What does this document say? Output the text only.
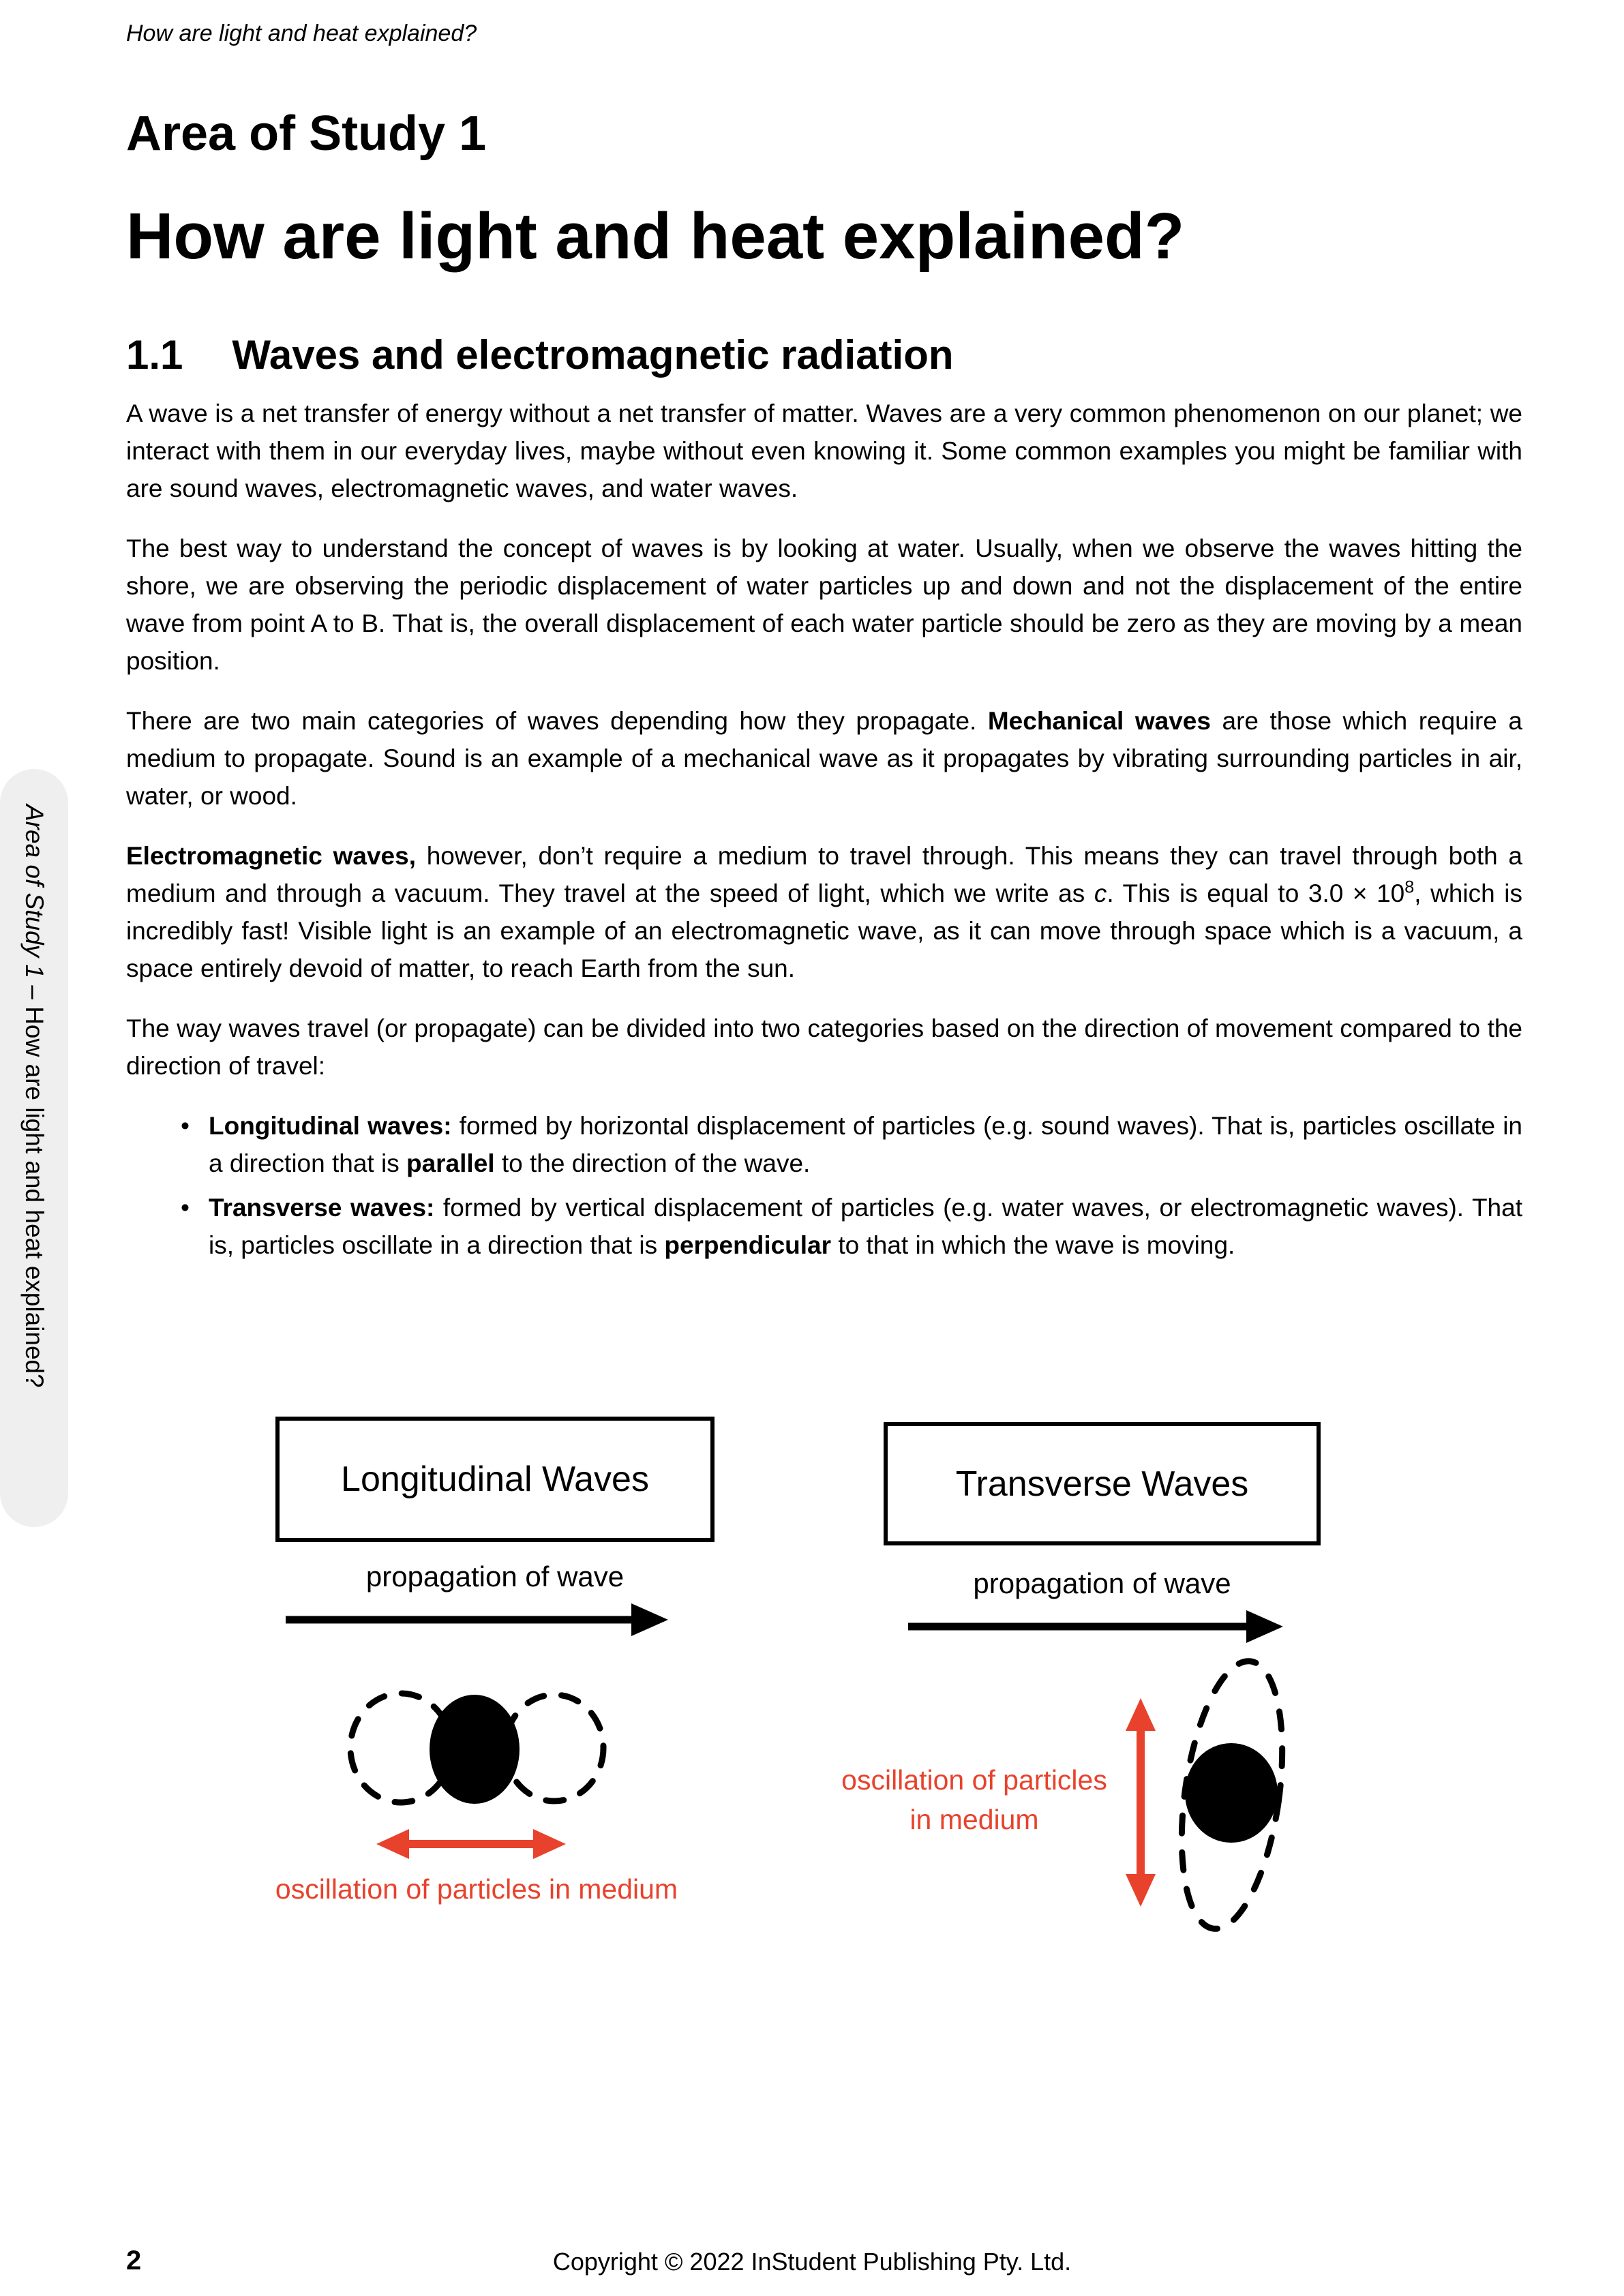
How are light and heat explained?
Area of Study 1
How are light and heat explained?
1.1 Waves and electromagnetic radiation

A wave is a net transfer of energy without a net transfer of matter. Waves are a very common phenomenon on our planet; we interact with them in our everyday lives, maybe without even knowing it. Some common examples you might be familiar with are sound waves, electromagnetic waves, and water waves.

The best way to understand the concept of waves is by looking at water. Usually, when we observe the waves hitting the shore, we are observing the periodic displacement of water particles up and down and not the displacement of the entire wave from point A to B. That is, the overall displacement of each water particle should be zero as they are moving by a mean position.

There are two main categories of waves depending how they propagate. Mechanical waves are those which require a medium to propagate. Sound is an example of a mechanical wave as it propagates by vibrating surrounding particles in air, water, or wood.

Electromagnetic waves, however, don’t require a medium to travel through. This means they can travel through both a medium and through a vacuum. They travel at the speed of light, which we write as c. This is equal to $3.0 \times 10^8$, which is incredibly fast! Visible light is an example of an electromagnetic wave, as it can move through space which is a vacuum, a space entirely devoid of matter, to reach Earth from the sun.

The way waves travel (or propagate) can be divided into two categories based on the direction of movement compared to the direction of travel:

• Longitudinal waves: formed by horizontal displacement of particles (e.g. sound waves). That is, particles oscillate in a direction that is parallel to the direction of the wave.
• Transverse waves: formed by vertical displacement of particles (e.g. water waves, or electromagnetic waves). That is, particles oscillate in a direction that is perpendicular to that in which the wave is moving.
Area of Study 1 – How are light and heat explained?
Longitudinal Waves
propagation of wave
oscillation of particles in medium
Transverse Waves
propagation of wave
oscillation of particles
in medium
2	Copyright © 2022 InStudent Publishing Pty. Ltd.
